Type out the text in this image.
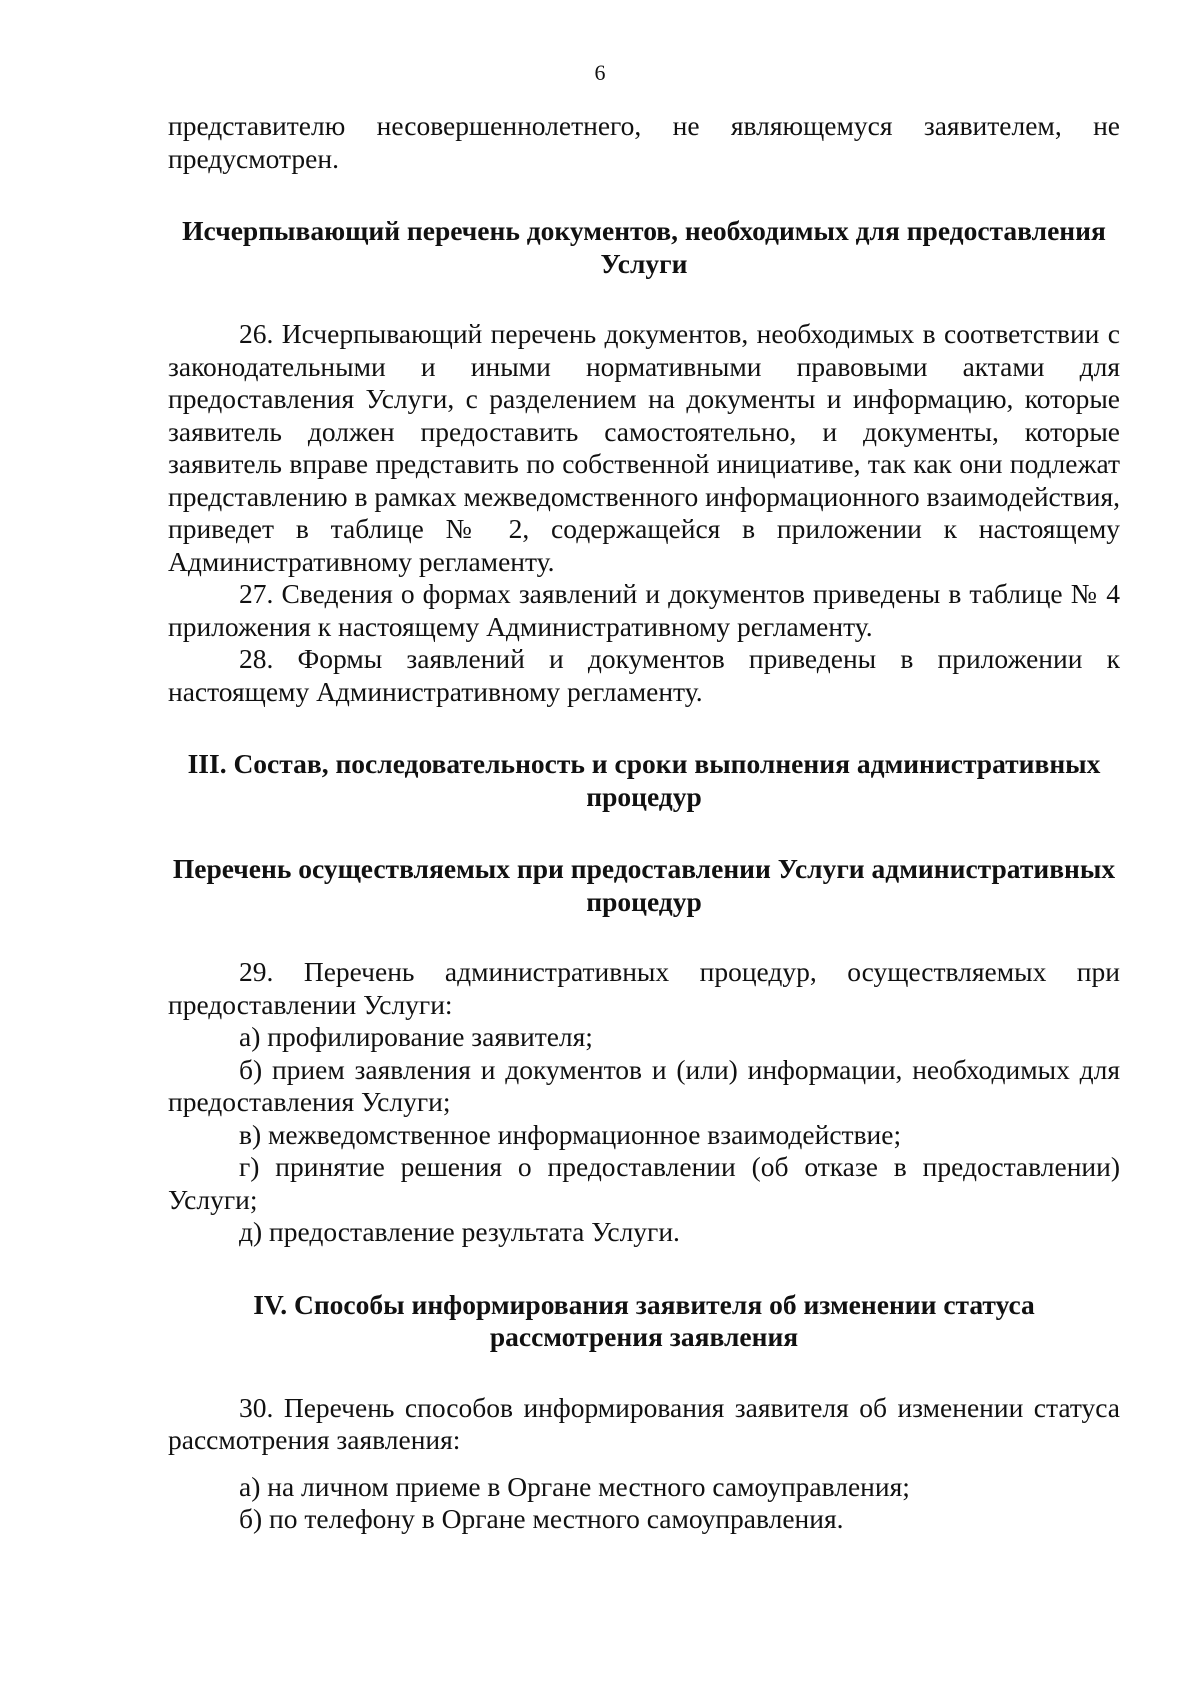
6

представителю несовершеннолетнего, не являющемуся заявителем, не предусмотрен.

Исчерпывающий перечень документов, необходимых для предоставления Услуги

26. Исчерпывающий перечень документов, необходимых в соответствии с законодательными и иными нормативными правовыми актами для предоставления Услуги, с разделением на документы и информацию, которые заявитель должен предоставить самостоятельно, и документы, которые заявитель вправе представить по собственной инициативе, так как они подлежат представлению в рамках межведомственного информационного взаимодействия, приведет в таблице № 2, содержащейся в приложении к настоящему Административному регламенту.

27. Сведения о формах заявлений и документов приведены в таблице № 4 приложения к настоящему Административному регламенту.

28. Формы заявлений и документов приведены в приложении к настоящему Административному регламенту.

III. Состав, последовательность и сроки выполнения административных процедур
Перечень осуществляемых при предоставлении Услуги административных процедур

29. Перечень административных процедур, осуществляемых при предоставлении Услуги:

а) профилирование заявителя;

б) прием заявления и документов и (или) информации, необходимых для предоставления Услуги;

в) межведомственное информационное взаимодействие;

г) принятие решения о предоставлении (об отказе в предоставлении) Услуги;

д) предоставление результата Услуги.

IV. Способы информирования заявителя об изменении статуса рассмотрения заявления

30. Перечень способов информирования заявителя об изменении статуса рассмотрения заявления:

а) на личном приеме в Органе местного самоуправления;

б) по телефону в Органе местного самоуправления.
